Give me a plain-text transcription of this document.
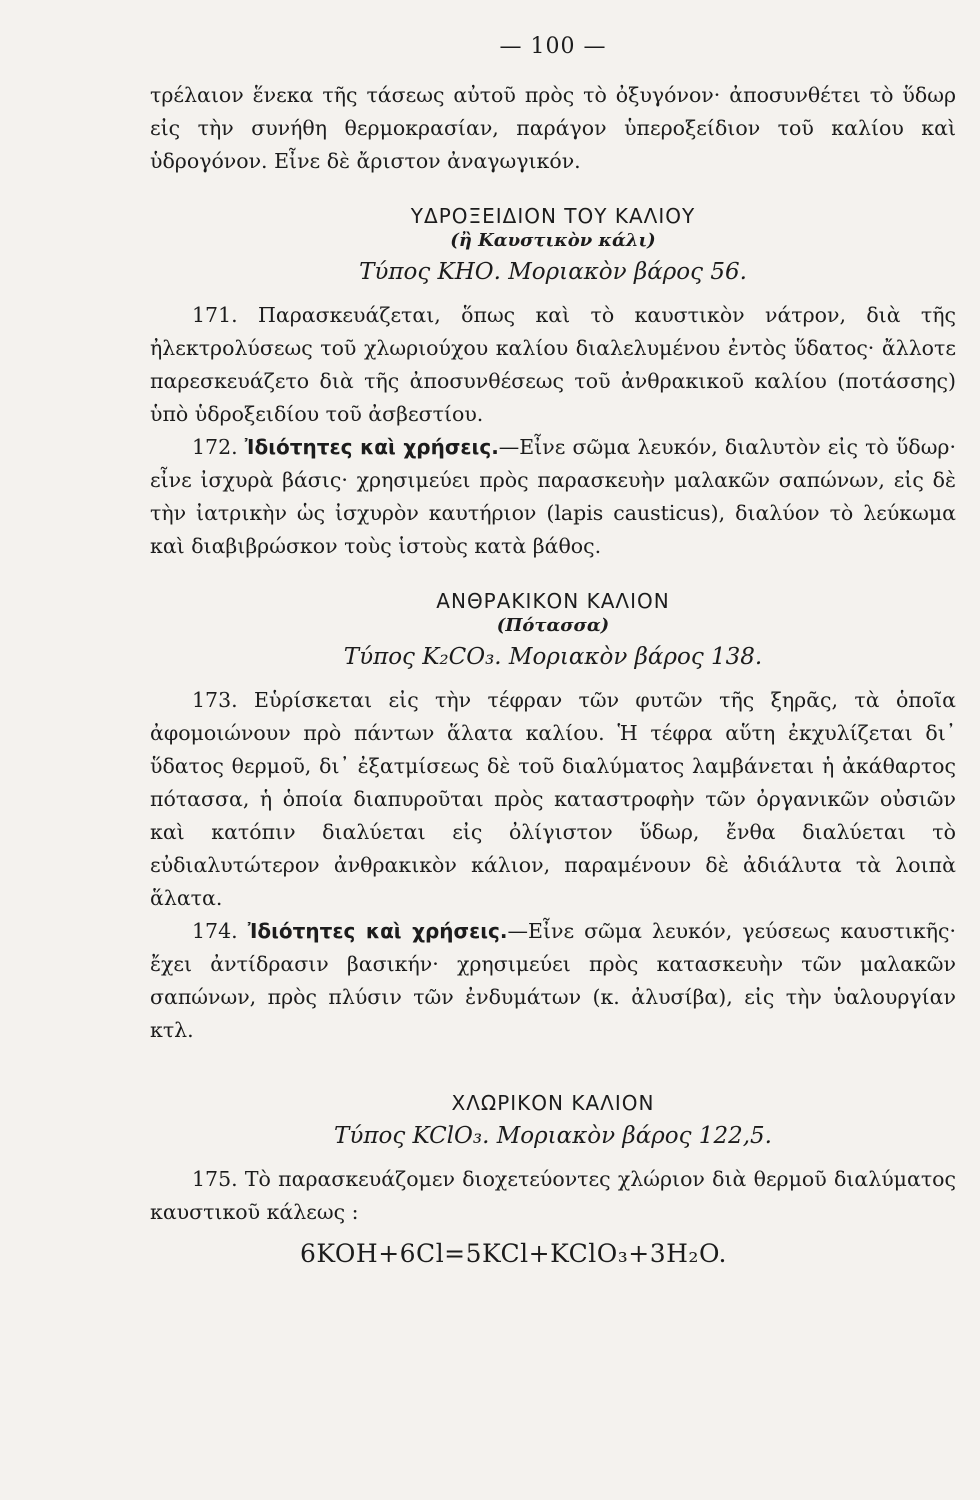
— 100 —

τρέλαιον ἕνεκα τῆς τάσεως αὐτοῦ πρὸς τὸ ὀξυγόνον· ἀποσυνθέτει τὸ ὕδωρ εἰς τὴν συνήθη θερμοκρασίαν, παράγον ὑπεροξείδιον τοῦ καλίου καὶ ὑδρογόνον. Εἶνε δὲ ἄριστον ἀναγωγικόν.

ΥΔΡΟΞΕΙΔΙΟΝ ΤΟΥ ΚΑΛΙΟΥ
(ἢ Καυστικὸν κάλι)
Τύπος ΚΗΟ. Μοριακὸν βάρος 56.

171. Παρασκευάζεται, ὅπως καὶ τὸ καυστικὸν νάτρον, διὰ τῆς ἠλεκτρολύσεως τοῦ χλωριούχου καλίου διαλελυμένου ἐντὸς ὕδατος· ἄλλοτε παρεσκευάζετο διὰ τῆς ἀποσυνθέσεως τοῦ ἀνθρακικοῦ καλίου (ποτάσσης) ὑπὸ ὑδροξειδίου τοῦ ἀσβεστίου.

172. Ἰδιότητες καὶ χρήσεις.—Εἶνε σῶμα λευκόν, διαλυτὸν εἰς τὸ ὕδωρ· εἶνε ἰσχυρὰ βάσις· χρησιμεύει πρὸς παρασκευὴν μαλακῶν σαπώνων, εἰς δὲ τὴν ἰατρικὴν ὡς ἰσχυρὸν καυτήριον (lapis causticus), διαλύον τὸ λεύκωμα καὶ διαβιβρώσκον τοὺς ἱστοὺς κατὰ βάθος.

ΑΝΘΡΑΚΙΚΟΝ ΚΑΛΙΟΝ
(Πότασσα)
Τύπος K₂CO₃. Μοριακὸν βάρος 138.

173. Εὑρίσκεται εἰς τὴν τέφραν τῶν φυτῶν τῆς ξηρᾶς, τὰ ὁποῖα ἀφομοιώνουν πρὸ πάντων ἅλατα καλίου. Ἡ τέφρα αὕτη ἐκχυλίζεται δι᾽ ὕδατος θερμοῦ, δι᾽ ἐξατμίσεως δὲ τοῦ διαλύματος λαμβάνεται ἡ ἀκάθαρτος πότασσα, ἡ ὁποία διαπυροῦται πρὸς καταστροφὴν τῶν ὀργανικῶν οὐσιῶν καὶ κατόπιν διαλύεται εἰς ὀλίγιστον ὕδωρ, ἔνθα διαλύεται τὸ εὐδιαλυτώτερον ἀνθρακικὸν κάλιον, παραμένουν δὲ ἀδιάλυτα τὰ λοιπὰ ἅλατα.

174. Ἰδιότητες καὶ χρήσεις.—Εἶνε σῶμα λευκόν, γεύσεως καυστικῆς· ἔχει ἀντίδρασιν βασικήν· χρησιμεύει πρὸς κατασκευὴν τῶν μαλακῶν σαπώνων, πρὸς πλύσιν τῶν ἐνδυμάτων (κ. ἀλυσίβα), εἰς τὴν ὑαλουργίαν κτλ.

ΧΛΩΡΙΚΟΝ ΚΑΛΙΟΝ
Τύπος KClO₃. Μοριακὸν βάρος 122,5.

175. Τὸ παρασκευάζομεν διοχετεύοντες χλώριον διὰ θερμοῦ διαλύματος καυστικοῦ κάλεως :

6KOH+6Cl=5KCl+KClO₃+3H₂O.
